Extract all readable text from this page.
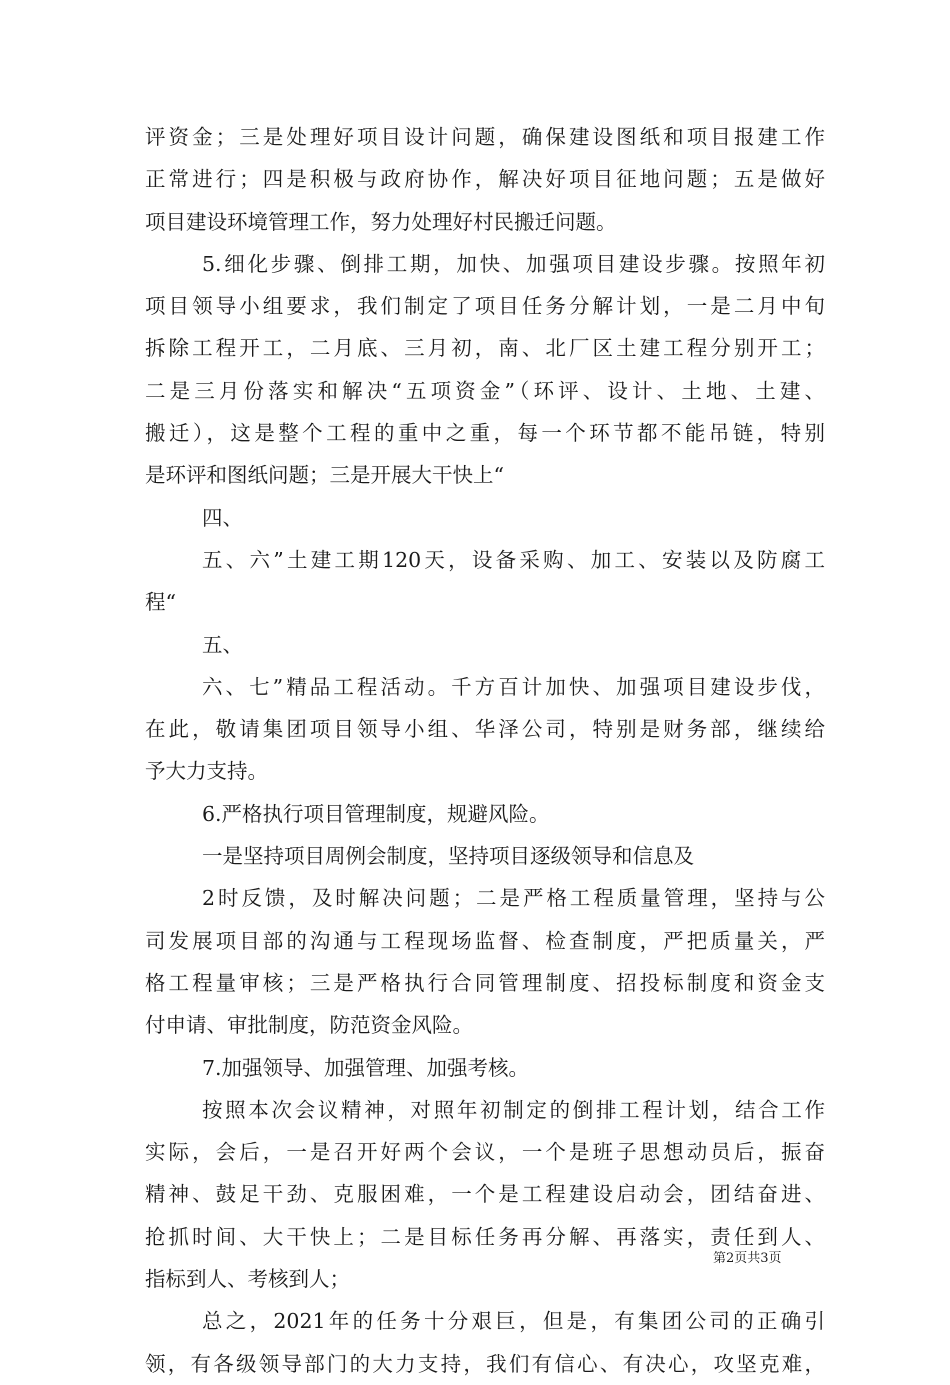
评资金；三是处理好项目设计问题，确保建设图纸和项目报建工作
正常进行；四是积极与政府协作，解决好项目征地问题；五是做好
项目建设环境管理工作，努力处理好村民搬迁问题。
5.细化步骤、倒排工期，加快、加强项目建设步骤。按照年初
项目领导小组要求，我们制定了项目任务分解计划，一是二月中旬
拆除工程开工，二月底、三月初，南、北厂区土建工程分别开工；
二是三月份落实和解决“五项资金”（环评、设计、土地、土建、
搬迁），这是整个工程的重中之重，每一个环节都不能吊链，特别
是环评和图纸问题；三是开展大干快上“
四、
五、六”土建工期120天，设备采购、加工、安装以及防腐工
程“
五、
六、七”精品工程活动。千方百计加快、加强项目建设步伐，
在此，敬请集团项目领导小组、华泽公司，特别是财务部，继续给
予大力支持。
6.严格执行项目管理制度，规避风险。
一是坚持项目周例会制度，坚持项目逐级领导和信息及
2时反馈，及时解决问题；二是严格工程质量管理，坚持与公
司发展项目部的沟通与工程现场监督、检查制度，严把质量关，严
格工程量审核；三是严格执行合同管理制度、招投标制度和资金支
付申请、审批制度，防范资金风险。
7.加强领导、加强管理、加强考核。
按照本次会议精神，对照年初制定的倒排工程计划，结合工作
实际，会后，一是召开好两个会议，一个是班子思想动员后，振奋
精神、鼓足干劲、克服困难，一个是工程建设启动会，团结奋进、
抢抓时间、大干快上；二是目标任务再分解、再落实，责任到人、
指标到人、考核到人；
总之，2021年的任务十分艰巨，但是，有集团公司的正确引
领，有各级领导部门的大力支持，我们有信心、有决心，攻坚克难，
第2页共3页
